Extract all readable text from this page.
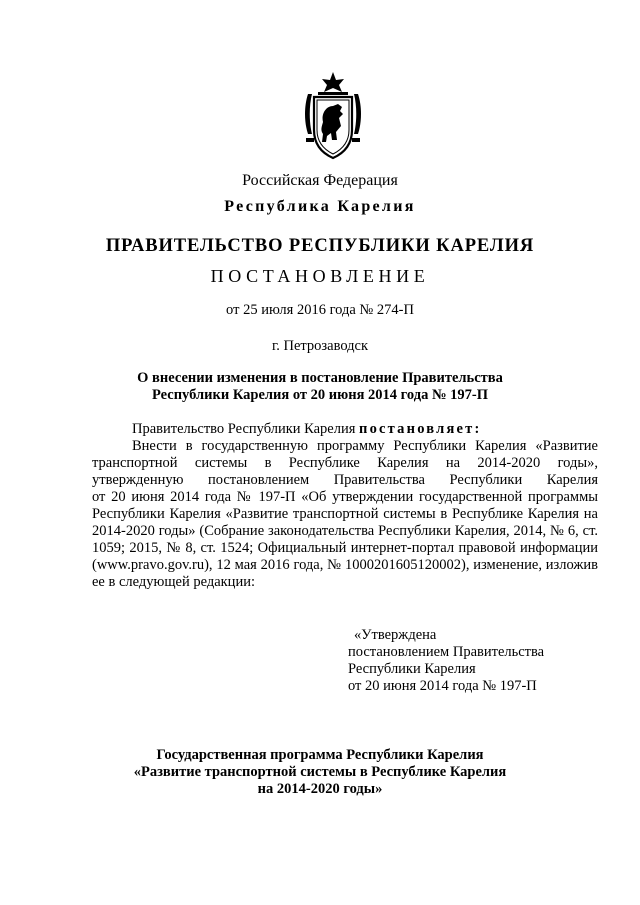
Российская Федерация
Республика Карелия
ПРАВИТЕЛЬСТВО РЕСПУБЛИКИ КАРЕЛИЯ
ПОСТАНОВЛЕНИЕ
от 25 июля 2016 года № 274-П
г. Петрозаводск
О внесении изменения в постановление Правительства
Республики Карелия от 20 июня 2014 года № 197-П

Правительство Республики Карелия постановляет:

Внести в государственную программу Республики Карелия «Развитие

транспортной системы в Республике Карелия на 2014-2020 годы»,

утвержденную постановлением Правительства Республики Карелия

от 20 июня 2014 года № 197-П «Об утверждении государственной программы Республики Карелия «Развитие транспортной системы в Республике Карелия на 2014-2020 годы» (Собрание законодательства Республики Карелия, 2014, № 6, ст. 1059; 2015, № 8, ст. 1524; Официальный интернет-портал правовой информации (www.pravo.gov.ru), 12 мая 2016 года, № 1000201605120002), изменение, изложив ее в следующей редакции:

«Утверждена
постановлением Правительства
Республики Карелия
от 20 июня 2014 года № 197-П
Государственная программа Республики Карелия
«Развитие транспортной системы в Республике Карелия
на 2014-2020 годы»
